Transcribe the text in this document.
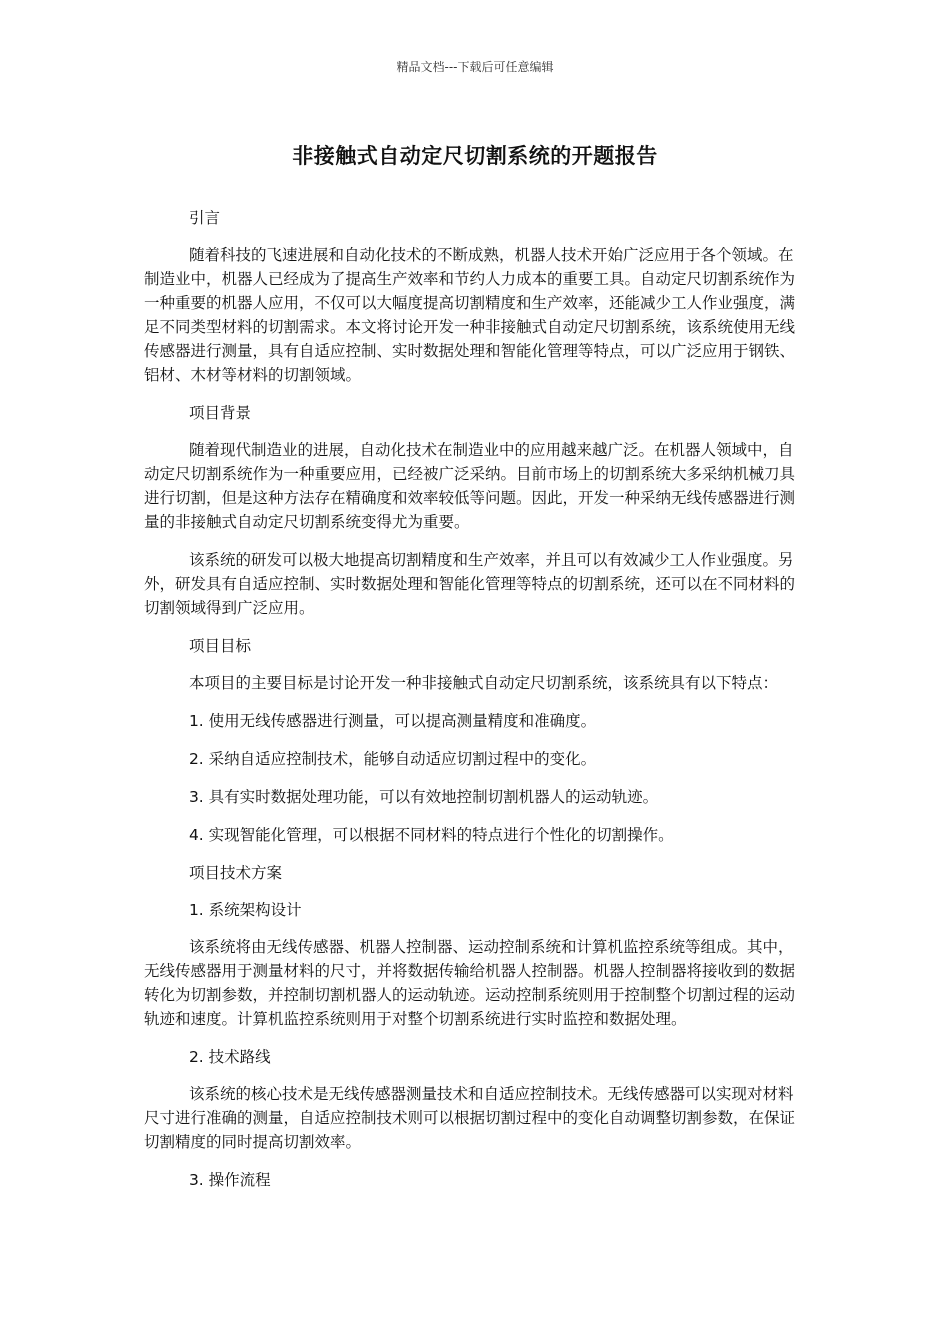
精品文档---下载后可任意编辑
非接触式自动定尺切割系统的开题报告

引言

随着科技的飞速进展和自动化技术的不断成熟，机器人技术开始广泛应用于各个领域。在制造业中，机器人已经成为了提高生产效率和节约人力成本的重要工具。自动定尺切割系统作为一种重要的机器人应用，不仅可以大幅度提高切割精度和生产效率，还能减少工人作业强度，满足不同类型材料的切割需求。本文将讨论开发一种非接触式自动定尺切割系统，该系统使用无线传感器进行测量，具有自适应控制、实时数据处理和智能化管理等特点，可以广泛应用于钢铁、铝材、木材等材料的切割领域。

项目背景

随着现代制造业的进展，自动化技术在制造业中的应用越来越广泛。在机器人领域中，自动定尺切割系统作为一种重要应用，已经被广泛采纳。目前市场上的切割系统大多采纳机械刀具进行切割，但是这种方法存在精确度和效率较低等问题。因此，开发一种采纳无线传感器进行测量的非接触式自动定尺切割系统变得尤为重要。

该系统的研发可以极大地提高切割精度和生产效率，并且可以有效减少工人作业强度。另外，研发具有自适应控制、实时数据处理和智能化管理等特点的切割系统，还可以在不同材料的切割领域得到广泛应用。

项目目标

本项目的主要目标是讨论开发一种非接触式自动定尺切割系统，该系统具有以下特点：

1. 使用无线传感器进行测量，可以提高测量精度和准确度。

2. 采纳自适应控制技术，能够自动适应切割过程中的变化。

3. 具有实时数据处理功能，可以有效地控制切割机器人的运动轨迹。

4. 实现智能化管理，可以根据不同材料的特点进行个性化的切割操作。

项目技术方案

1. 系统架构设计

该系统将由无线传感器、机器人控制器、运动控制系统和计算机监控系统等组成。其中，无线传感器用于测量材料的尺寸，并将数据传输给机器人控制器。机器人控制器将接收到的数据转化为切割参数，并控制切割机器人的运动轨迹。运动控制系统则用于控制整个切割过程的运动轨迹和速度。计算机监控系统则用于对整个切割系统进行实时监控和数据处理。

2. 技术路线

该系统的核心技术是无线传感器测量技术和自适应控制技术。无线传感器可以实现对材料尺寸进行准确的测量，自适应控制技术则可以根据切割过程中的变化自动调整切割参数，在保证切割精度的同时提高切割效率。

3. 操作流程
